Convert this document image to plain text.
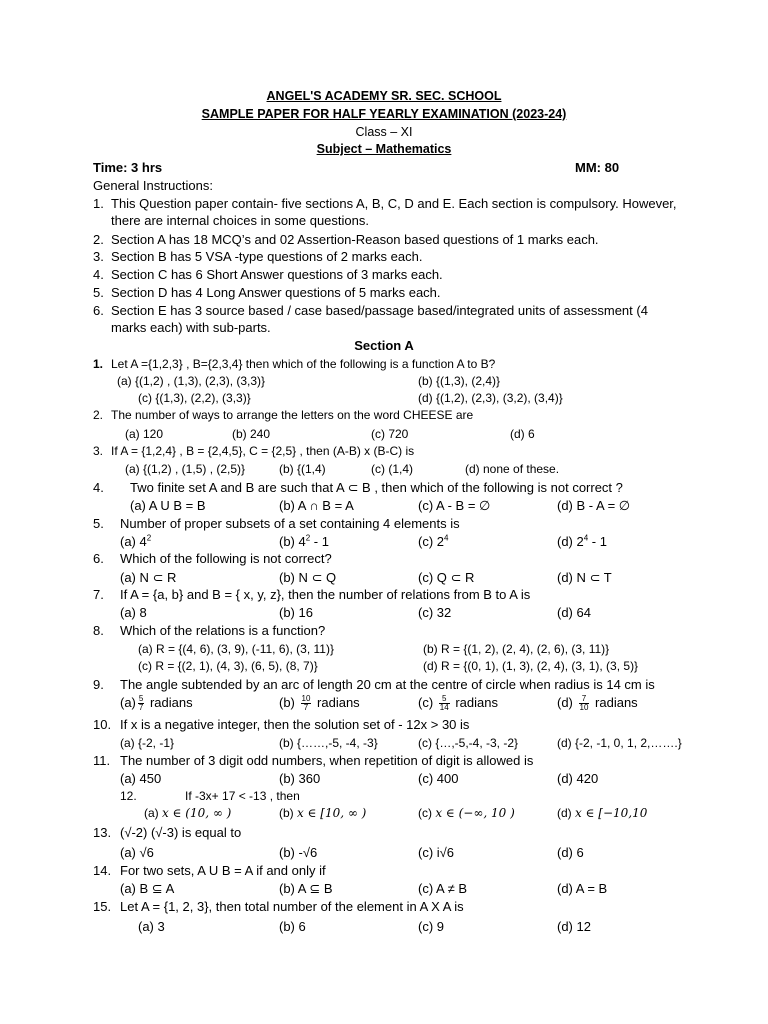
ANGEL'S ACADEMY SR. SEC. SCHOOL
SAMPLE PAPER FOR HALF YEARLY EXAMINATION (2023-24)
Class – XI
Subject – Mathematics
Time: 3 hrs	MM: 80
General Instructions:
1. This Question paper contain- five sections A, B, C, D and E. Each section is compulsory. However,
there are internal choices in some questions.
2. Section A has 18 MCQ’s and 02 Assertion-Reason based questions of 1 marks each.
3. Section B has 5 VSA -type questions of 2 marks each.
4. Section C has 6 Short Answer questions of 3 marks each.
5. Section D has 4 Long Answer questions of 5 marks each.
6. Section E has 3 source based / case based/passage based/integrated units of assessment (4
marks each) with sub-parts.
Section A
1. Let A ={1,2,3} , B={2,3,4} then which of the following is a function A to B?
(a) {(1,2) , (1,3), (2,3), (3,3)}	(b) {(1,3), (2,4)}
(c) {(1,3), (2,2), (3,3)}	(d) {(1,2), (2,3), (3,2), (3,4)}
2. The number of ways to arrange the letters on the word CHEESE are
(a) 120	(b) 240	(c) 720	(d) 6
3. If A = {1,2,4} , B = {2,4,5}, C = {2,5} , then (A-B) x (B-C) is
(a) {(1,2) , (1,5) , (2,5)}	(b) {(1,4)	(c) (1,4)	(d) none of these.
4. Two finite set A and B are such that A ⊂ B , then which of the following is not correct ?
(a) A U B = B	(b) A ∩ B = A	(c) A - B = ∅	(d) B - A = ∅
5. Number of proper subsets of a set containing 4 elements is
(a) $4^2$	(b) $4^2 - 1$	(c) $2^4$	(d) $2^4 - 1$
6. Which of the following is not correct?
(a) N ⊂ R	(b) N ⊂ Q	(c) Q ⊂ R	(d) N ⊂ T
7. If A = {a, b} and B = { x, y, z}, then the number of relations from B to A is
(a) 8	(b) 16	(c) 32	(d) 64
8. Which of the relations is a function?
(a) R = {(4, 6), (3, 9), (-11, 6), (3, 11)}	(b) R = {(1, 2), (2, 4), (2, 6), (3, 11)}
(c) R = {(2, 1), (4, 3), (6, 5), (8, 7)}	(d) R = {(0, 1), (1, 3), (2, 4), (3, 1), (3, 5)}
9. The angle subtended by an arc of length 20 cm at the centre of circle when radius is 14 cm is
$(a) \frac{5}{7}$ radians	$(b) \frac{10}{7}$ radians	$(c) \frac{5}{14}$ radians	$(d) \frac{7}{10}$ radians
10. If x is a negative integer, then the solution set of - 12x > 30 is
(a) {-2, -1}	(b) {……,-5, -4, -3}	(c) {…,-5,-4, -3, -2}	(d) {-2, -1, 0, 1, 2,…….}
11. The number of 3 digit odd numbers, when repetition of digit is allowed is
(a) 450	(b) 360	(c) 400	(d) 420
12.	If -3x+ 17 < -13 , then
(a) x ∈ (10, ∞ )	(b) x ∈ [10, ∞ )	(c) x ∈ (−∞, 10 )	(d) x ∈ [−10,10
13. (√-2) (√-3) is equal to
(a) √6	(b) -√6	(c) i√6	(d) 6
14. For two sets, A U B = A if and only if
(a) B ⊆ A	(b) A ⊆ B	(c) A ≠ B	(d) A = B
15. Let A = {1, 2, 3}, then total number of the element in A X A is
(a) 3	(b) 6	(c) 9	(d) 12
